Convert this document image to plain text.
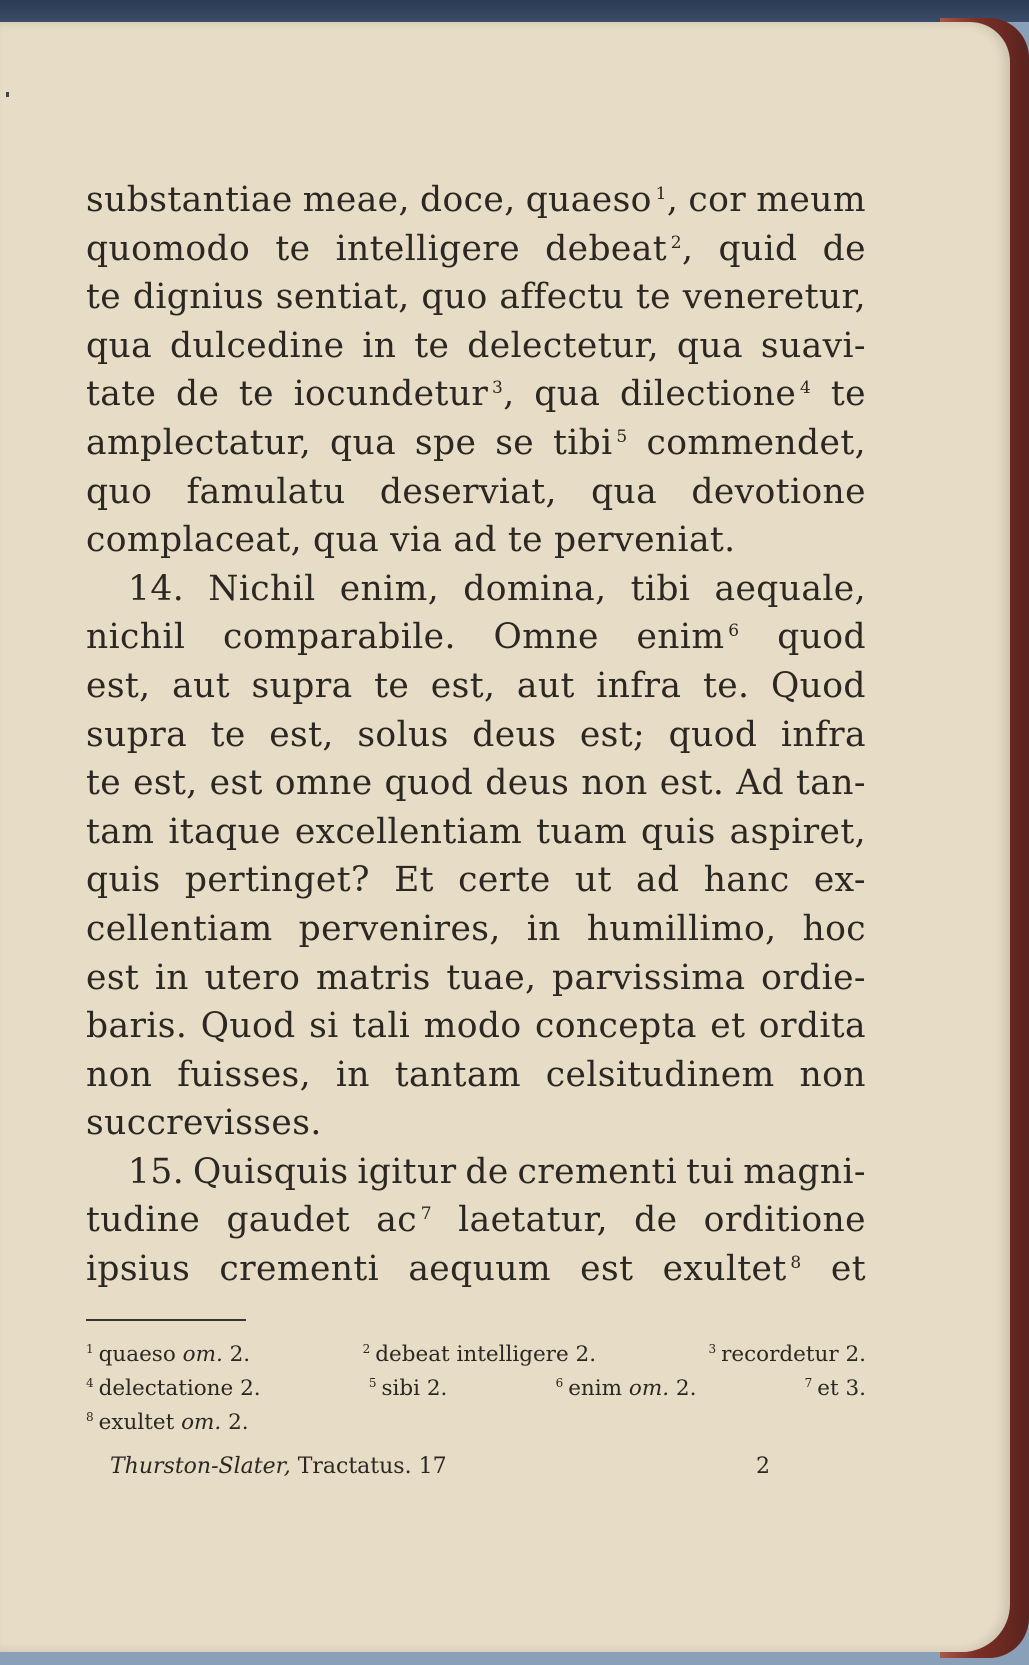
substantiae meae, doce, quaeso $^1$, cor meum
quomodo te intelligere debeat $^2$, quid de
te dignius sentiat, quo affectu te veneretur,
qua dulcedine in te delectetur, qua suavi-
tate de te iocundetur $^3$, qua dilectione $^4$ te
amplectatur, qua spe se tibi $^5$ commendet,
quo famulatu deserviat, qua devotione
complaceat, qua via ad te perveniat.
14. Nichil enim, domina, tibi aequale,
nichil comparabile. Omne enim $^6$ quod
est, aut supra te est, aut infra te. Quod
supra te est, solus deus est; quod infra
te est, est omne quod deus non est. Ad tan-
tam itaque excellentiam tuam quis aspiret,
quis pertinget? Et certe ut ad hanc ex-
cellentiam pervenires, in humillimo, hoc
est in utero matris tuae, parvissima ordie-
baris. Quod si tali modo concepta et ordita
non fuisses, in tantam celsitudinem non
succrevisses.
15. Quisquis igitur de crementi tui magni-
tudine gaudet ac $^7$ laetatur, de orditione
ipsius crementi aequum est exultet $^8$ et
$^1$ quaeso om. 2.	$^2$ debeat intelligere 2.	$^3$ recordetur 2.
$^4$ delectatione 2.	$^5$ sibi 2.	$^6$ enim om. 2.	$^7$ et 3.
$^8$ exultet om. 2.
Thurston-Slater, Tractatus. 17	2
